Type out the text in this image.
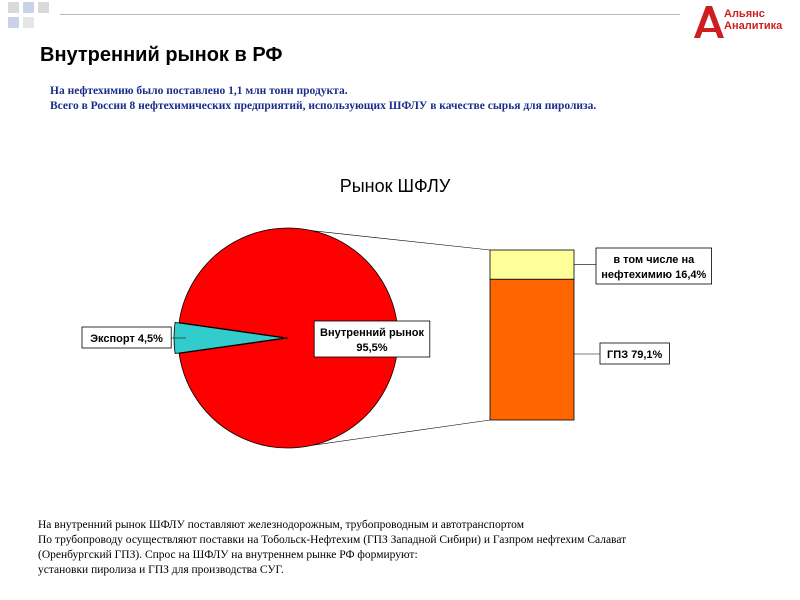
Альянс
Аналитика
Внутренний рынок в РФ
На нефтехимию было поставлено 1,1 млн тонн продукта.
Всего в России 8 нефтехимических предприятий, использующих ШФЛУ в качестве сырья для пиролиза.
Рынок ШФЛУ
Экспорт 4,5%	Внутренний рынок
95,5%
в том числе на
нефтехимию 16,4%
ГПЗ 79,1%
На внутренний рынок ШФЛУ поставляют железнодорожным, трубопроводным и автотранспортом
По трубопроводу осуществляют поставки на Тобольск-Нефтехим (ГПЗ Западной Сибири) и Газпром нефтехим Салават
(Оренбургский ГПЗ). Спрос на ШФЛУ на внутреннем рынке РФ формируют:
установки пиролиза и ГПЗ для производства СУГ.
